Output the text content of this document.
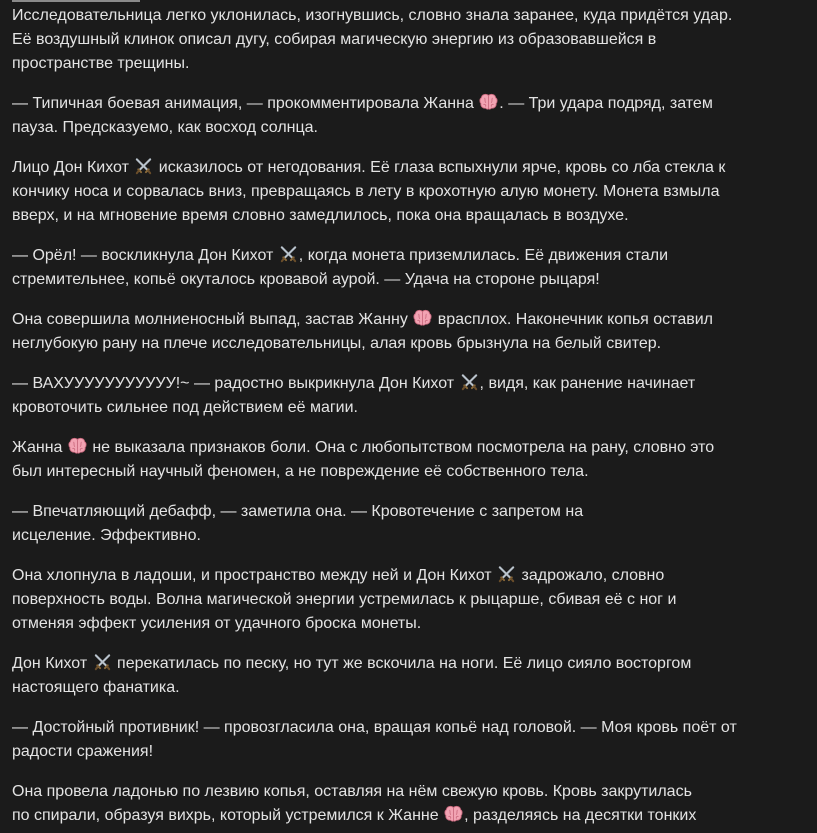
Исследовательница легко уклонилась, изогнувшись, словно знала заранее, куда придётся удар.
Её воздушный клинок описал дугу, собирая магическую энергию из образовавшейся в
пространстве трещины.

— Типичная боевая анимация, — прокомментировала Жанна
. — Три удара подряд, затем
пауза. Предсказуемо, как восход солнца.

Лицо Дон Кихот
исказилось от негодования. Её глаза вспыхнули ярче, кровь со лба стекла к
кончику носа и сорвалась вниз, превращаясь в лету в крохотную алую монету. Монета взмыла
вверх, и на мгновение время словно замедлилось, пока она вращалась в воздухе.

— Орёл! — воскликнула Дон Кихот
, когда монета приземлилась. Её движения стали
стремительнее, копьё окуталось кровавой аурой. — Удача на стороне рыцаря!

Она совершила молниеносный выпад, застав Жанну
врасплох. Наконечник копья оставил
неглубокую рану на плече исследовательницы, алая кровь брызнула на белый свитер.

— ВАХУУУУУУУУУУУ!~ — радостно выкрикнула Дон Кихот
, видя, как ранение начинает
кровоточить сильнее под действием её магии.

Жанна
не выказала признаков боли. Она с любопытством посмотрела на рану, словно это
был интересный научный феномен, а не повреждение её собственного тела.

— Впечатляющий дебафф, — заметила она. — Кровотечение с запретом на
исцеление. Эффективно.

Она хлопнула в ладоши, и пространство между ней и Дон Кихот
задрожало, словно
поверхность воды. Волна магической энергии устремилась к рыцарше, сбивая её с ног и
отменяя эффект усиления от удачного броска монеты.

Дон Кихот
перекатилась по песку, но тут же вскочила на ноги. Её лицо сияло восторгом
настоящего фанатика.

— Достойный противник! — провозгласила она, вращая копьё над головой. — Моя кровь поёт от
радости сражения!

Она провела ладонью по лезвию копья, оставляя на нём свежую кровь. Кровь закрутилась
по спирали, образуя вихрь, который устремился к Жанне
, разделяясь на десятки тонких
